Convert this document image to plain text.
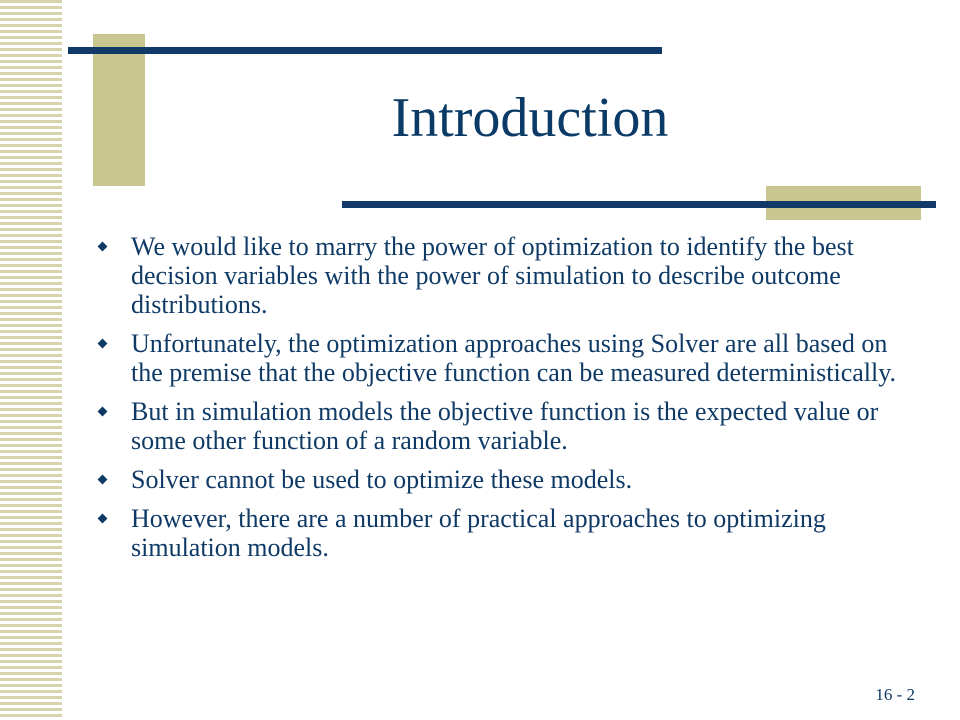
Introduction
We would like to marry the power of optimization to identify the best decision variables with the power of simulation to describe outcome distributions.
Unfortunately, the optimization approaches using Solver are all based on the premise that the objective function can be measured deterministically.
But in simulation models the objective function is the expected value or some other function of a random variable.
Solver cannot be used to optimize these models.
However, there are a number of practical approaches to optimizing simulation models.
16 - 2
